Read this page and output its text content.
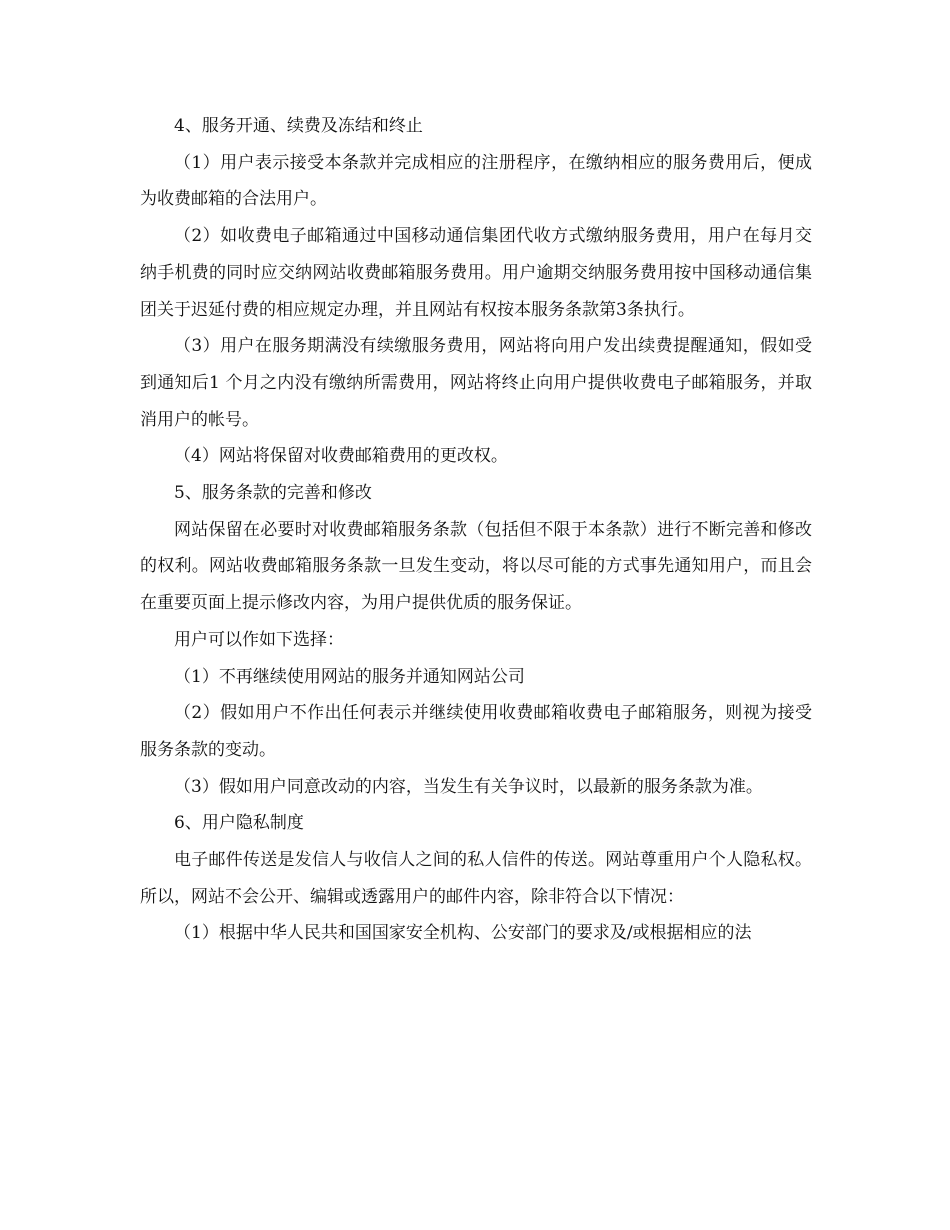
4、服务开通、续费及冻结和终止

（1）用户表示接受本条款并完成相应的注册程序，在缴纳相应的服务费用后，便成为收费邮箱的合法用户。

（2）如收费电子邮箱通过中国移动通信集团代收方式缴纳服务费用，用户在每月交纳手机费的同时应交纳网站收费邮箱服务费用。用户逾期交纳服务费用按中国移动通信集团关于迟延付费的相应规定办理，并且网站有权按本服务条款第3条执行。

（3）用户在服务期满没有续缴服务费用，网站将向用户发出续费提醒通知，假如受到通知后1 个月之内没有缴纳所需费用，网站将终止向用户提供收费电子邮箱服务，并取消用户的帐号。

（4）网站将保留对收费邮箱费用的更改权。

5、服务条款的完善和修改

网站保留在必要时对收费邮箱服务条款（包括但不限于本条款）进行不断完善和修改的权利。网站收费邮箱服务条款一旦发生变动，将以尽可能的方式事先通知用户，而且会在重要页面上提示修改内容，为用户提供优质的服务保证。

用户可以作如下选择：

（1）不再继续使用网站的服务并通知网站公司

（2）假如用户不作出任何表示并继续使用收费邮箱收费电子邮箱服务，则视为接受服务条款的变动。

（3）假如用户同意改动的内容，当发生有关争议时，以最新的服务条款为准。

6、用户隐私制度

电子邮件传送是发信人与收信人之间的私人信件的传送。网站尊重用户个人隐私权。所以，网站不会公开、编辑或透露用户的邮件内容，除非符合以下情况：

（1）根据中华人民共和国国家安全机构、公安部门的要求及/或根据相应的法
